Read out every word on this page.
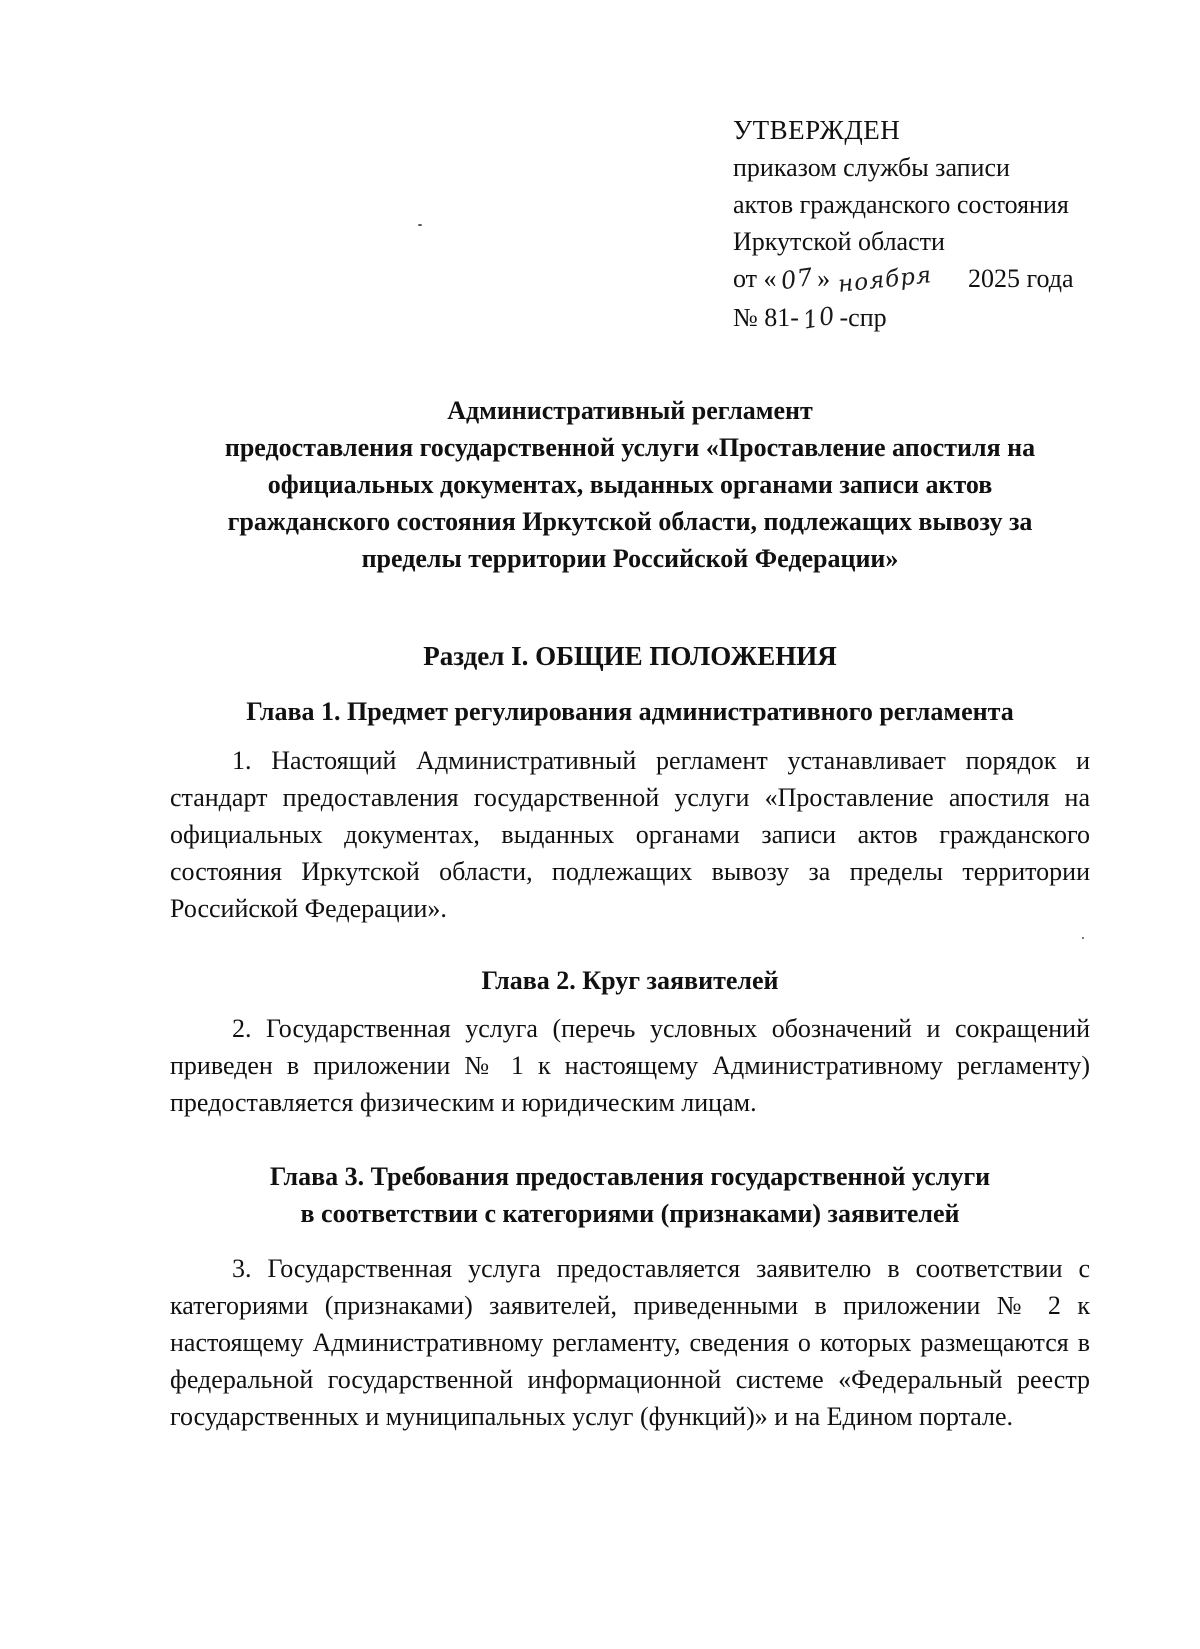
УТВЕРЖДЕН
приказом службы записи
актов гражданского состояния
Иркутской области
от «07» ноября 2025 года
№ 81-10-спр
Административный регламент
предоставления государственной услуги «Проставление апостиля на
официальных документах, выданных органами записи актов
гражданского состояния Иркутской области, подлежащих вывозу за
пределы территории Российской Федерации»
Раздел I. ОБЩИЕ ПОЛОЖЕНИЯ
Глава 1. Предмет регулирования административного регламента
1. Настоящий Административный регламент устанавливает порядок и стандарт предоставления государственной услуги «Проставление апостиля на официальных документах, выданных органами записи актов гражданского состояния Иркутской области, подлежащих вывозу за пределы территории Российской Федерации».
Глава 2. Круг заявителей
2. Государственная услуга (перечь условных обозначений и сокращений приведен в приложении № 1 к настоящему Административному регламенту) предоставляется физическим и юридическим лицам.
Глава 3. Требования предоставления государственной услуги
в соответствии с категориями (признаками) заявителей
3. Государственная услуга предоставляется заявителю в соответствии с категориями (признаками) заявителей, приведенными в приложении № 2 к настоящему Административному регламенту, сведения о которых размещаются в федеральной государственной информационной системе «Федеральный реестр государственных и муниципальных услуг (функций)» и на Едином портале.
